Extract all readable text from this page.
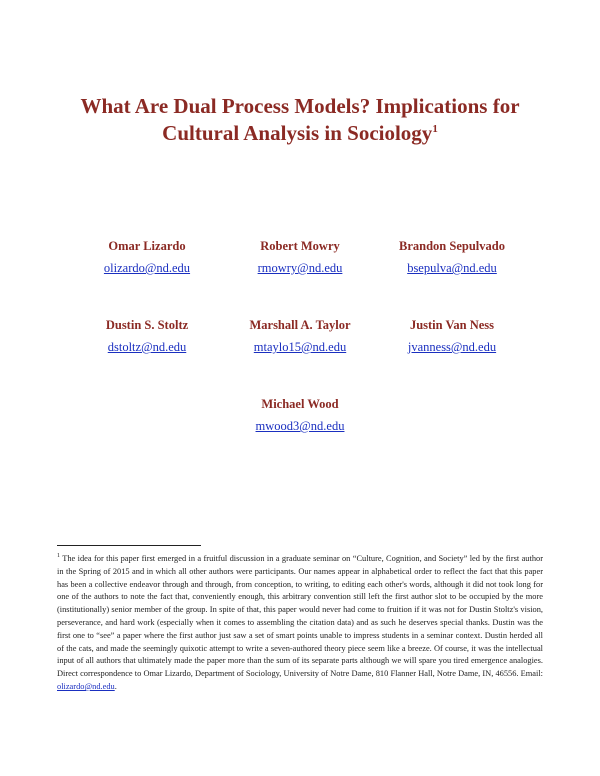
What Are Dual Process Models? Implications for
Cultural Analysis in Sociology$^1$
Omar Lizardo
olizardo@nd.edu
Robert Mowry
rmowry@nd.edu
Brandon Sepulvado
bsepulva@nd.edu
Dustin S. Stoltz
dstoltz@nd.edu
Marshall A. Taylor
mtaylo15@nd.edu
Justin Van Ness
jvanness@nd.edu
Michael Wood
mwood3@nd.edu
$^1$ The idea for this paper first emerged in a fruitful discussion in a graduate seminar on “Culture, Cognition, and Society” led by the first author in the Spring of 2015 and in which all other authors were participants. Our names appear in alphabetical order to reflect the fact that this paper has been a collective endeavor through and through, from conception, to writing, to editing each other's words, although it did not took long for one of the authors to note the fact that, conveniently enough, this arbitrary convention still left the first author slot to be occupied by the more (institutionally) senior member of the group. In spite of that, this paper would never had come to fruition if it was not for Dustin Stoltz's vision, perseverance, and hard work (especially when it comes to assembling the citation data) and as such he deserves special thanks. Dustin was the first one to “see” a paper where the first author just saw a set of smart points unable to impress students in a seminar context. Dustin herded all of the cats, and made the seemingly quixotic attempt to write a seven-authored theory piece seem like a breeze. Of course, it was the intellectual input of all authors that ultimately made the paper more than the sum of its separate parts although we will spare you tired emergence analogies. Direct correspondence to Omar Lizardo, Department of Sociology, University of Notre Dame, 810 Flanner Hall, Notre Dame, IN, 46556. Email: olizardo@nd.edu.
